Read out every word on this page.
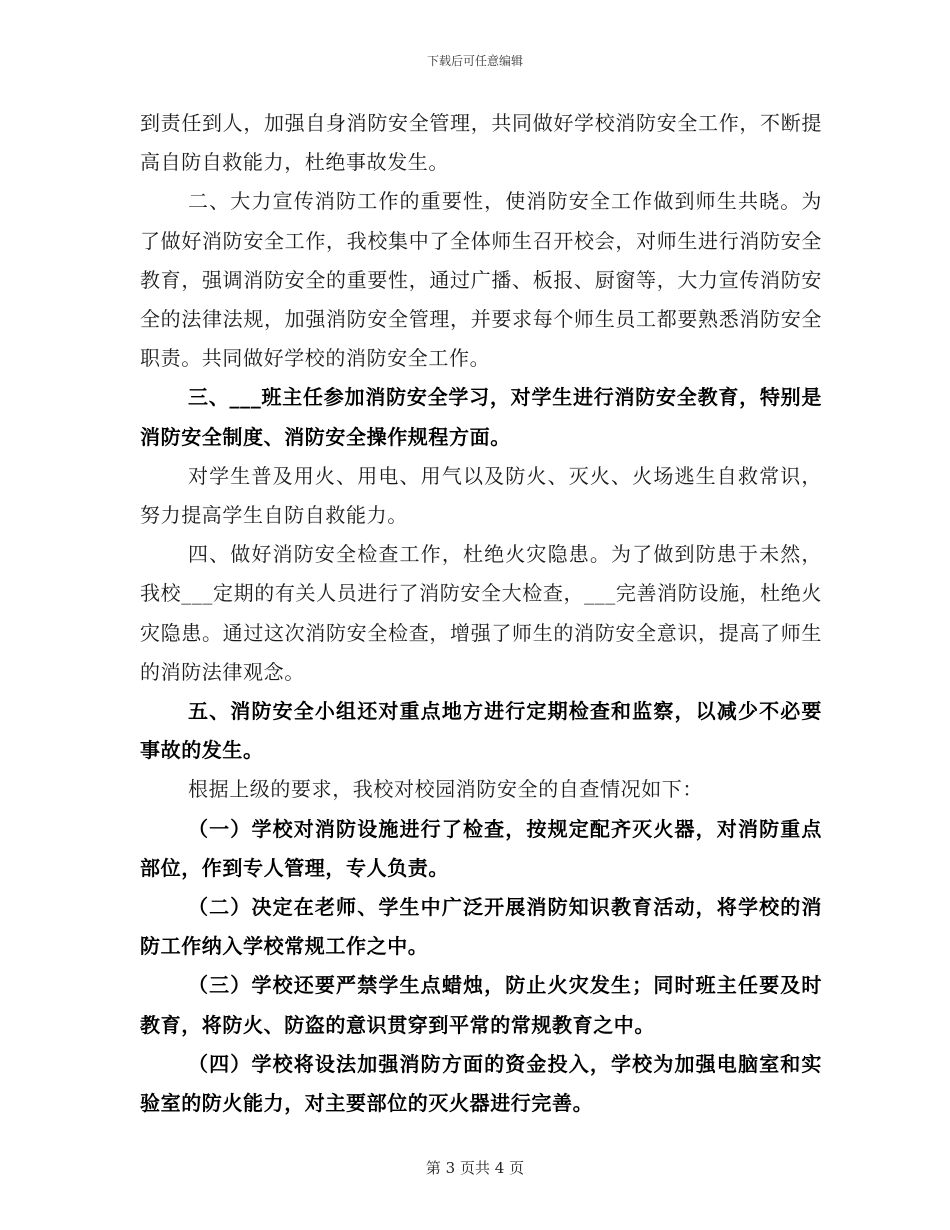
下载后可任意编辑

到责任到人，加强自身消防安全管理，共同做好学校消防安全工作，不断提高自防自救能力，杜绝事故发生。

二、大力宣传消防工作的重要性，使消防安全工作做到师生共晓。为了做好消防安全工作，我校集中了全体师生召开校会，对师生进行消防安全教育，强调消防安全的重要性，通过广播、板报、厨窗等，大力宣传消防安全的法律法规，加强消防安全管理，并要求每个师生员工都要熟悉消防安全职责。共同做好学校的消防安全工作。

三、___班主任参加消防安全学习，对学生进行消防安全教育，特别是消防安全制度、消防安全操作规程方面。

对学生普及用火、用电、用气以及防火、灭火、火场逃生自救常识，努力提高学生自防自救能力。

四、做好消防安全检查工作，杜绝火灾隐患。为了做到防患于未然，我校___定期的有关人员进行了消防安全大检查，___完善消防设施，杜绝火灾隐患。通过这次消防安全检查，增强了师生的消防安全意识，提高了师生的消防法律观念。

五、消防安全小组还对重点地方进行定期检查和监察，以减少不必要事故的发生。

根据上级的要求，我校对校园消防安全的自查情况如下：

（一）学校对消防设施进行了检查，按规定配齐灭火器，对消防重点部位，作到专人管理，专人负责。

（二）决定在老师、学生中广泛开展消防知识教育活动，将学校的消防工作纳入学校常规工作之中。

（三）学校还要严禁学生点蜡烛，防止火灾发生；同时班主任要及时教育，将防火、防盗的意识贯穿到平常的常规教育之中。

（四）学校将设法加强消防方面的资金投入，学校为加强电脑室和实验室的防火能力，对主要部位的灭火器进行完善。

第 3 页共 4 页
